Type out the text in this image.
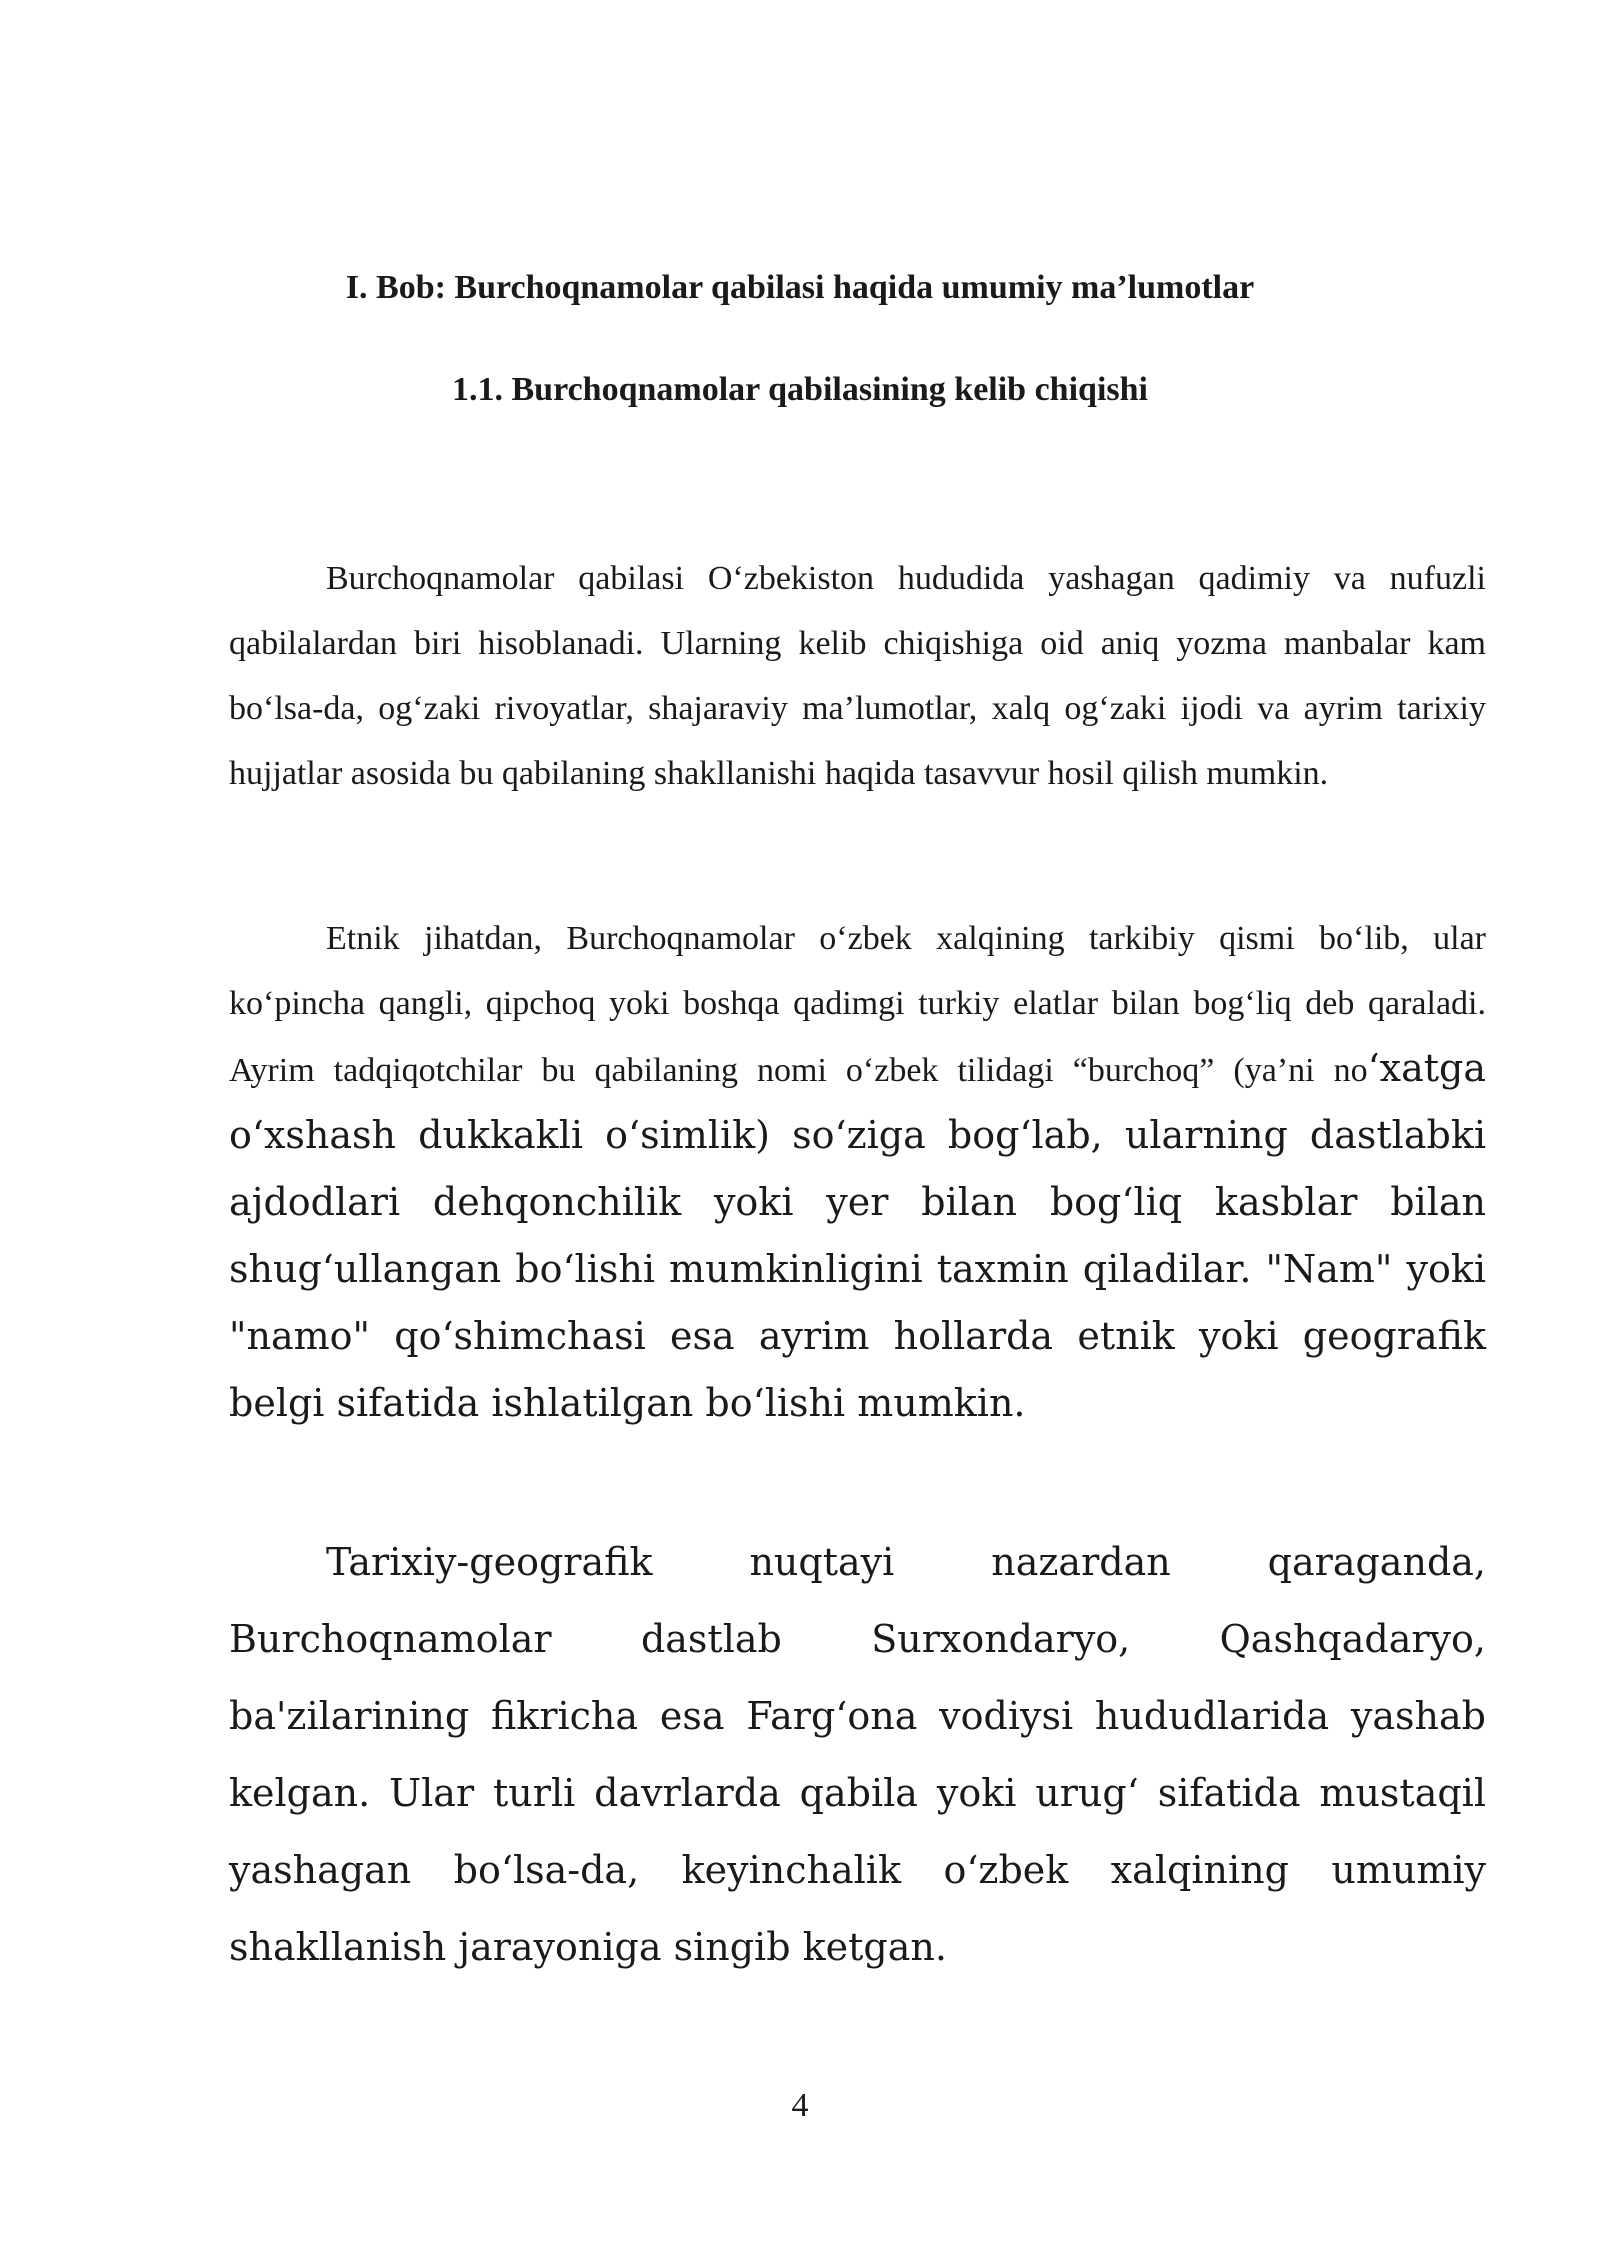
I. Bob: Burchoqnamolar qabilasi haqida umumiy ma’lumotlar
1.1. Burchoqnamolar qabilasining kelib chiqishi

Burchoqnamolar qabilasi O‘zbekiston hududida yashagan qadimiy va nufuzli qabilalardan biri hisoblanadi. Ularning kelib chiqishiga oid aniq yozma manbalar kam bo‘lsa-da, og‘zaki rivoyatlar, shajaraviy ma’lumotlar, xalq og‘zaki ijodi va ayrim tarixiy hujjatlar asosida bu qabilaning shakllanishi haqida tasavvur hosil qilish mumkin.

Etnik jihatdan, Burchoqnamolar o‘zbek xalqining tarkibiy qismi bo‘lib, ular ko‘pincha qangli, qipchoq yoki boshqa qadimgi turkiy elatlar bilan bog‘liq deb qaraladi. Ayrim tadqiqotchilar bu qabilaning nomi o‘zbek tilidagi “burchoq” (ya’ni no‘xatga o‘xshash dukkakli o‘simlik) so‘ziga bog‘lab, ularning dastlabki ajdodlari dehqonchilik yoki yer bilan bog‘liq kasblar bilan shug‘ullangan bo‘lishi mumkinligini taxmin qiladilar. "Nam" yoki "namo" qo‘shimchasi esa ayrim hollarda etnik yoki geografik belgi sifatida ishlatilgan bo‘lishi mumkin.

Tarixiy-geografik nuqtayi nazardan qaraganda, Burchoqnamolar dastlab Surxondaryo, Qashqadaryo, ba'zilarining fikricha esa Farg‘ona vodiysi hududlarida yashab kelgan. Ular turli davrlarda qabila yoki urug‘ sifatida mustaqil yashagan bo‘lsa-da, keyinchalik o‘zbek xalqining umumiy shakllanish jarayoniga singib ketgan.

4
